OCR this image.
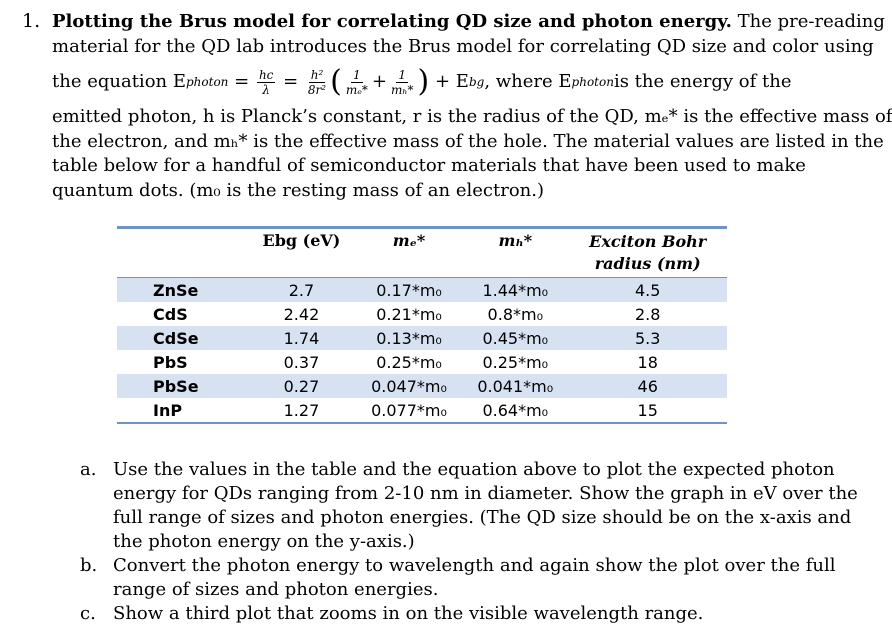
1. Plotting the Brus model for correlating QD size and photon energy. The pre-reading
material for the QD lab introduces the Brus model for correlating QD size and color using
the equation E photon = $\frac{hc}{\lambda} = \frac{\text{h²}}{\text{8r²}}$ ( $\frac{1}{\text{mₑ*}} + \frac{1}{\text{mₕ*}}$ )
+ E bg , where E photon is the energy of the
emitted photon, h is Planck’s constant, r is the radius of the QD, mₑ* is the effective mass of
the electron, and mₕ* is the effective mass of the hole. The material values are listed in the
table below for a handful of semiconductor materials that have been used to make
quantum dots. (m₀ is the resting mass of an electron.)
	Ebg (eV)	mₑ*	mₕ*	Exciton Bohr
radius (nm)

ZnSe	2.7	0.17*m₀	1.44*m₀	4.5
CdS	2.42	0.21*m₀	0.8*m₀	2.8
CdSe	1.74	0.13*m₀	0.45*m₀	5.3
PbS	0.37	0.25*m₀	0.25*m₀	18
PbSe	0.27	0.047*m₀	0.041*m₀	46
InP	1.27	0.077*m₀	0.64*m₀	15
a. Use the values in the table and the equation above to plot the expected photon energy for QDs ranging from 2-10 nm in diameter. Show the graph in eV over the full range of sizes and photon energies. (The QD size should be on the x-axis and the photon energy on the y-axis.)
b. Convert the photon energy to wavelength and again show the plot over the full range of sizes and photon energies.
c. Show a third plot that zooms in on the visible wavelength range.
